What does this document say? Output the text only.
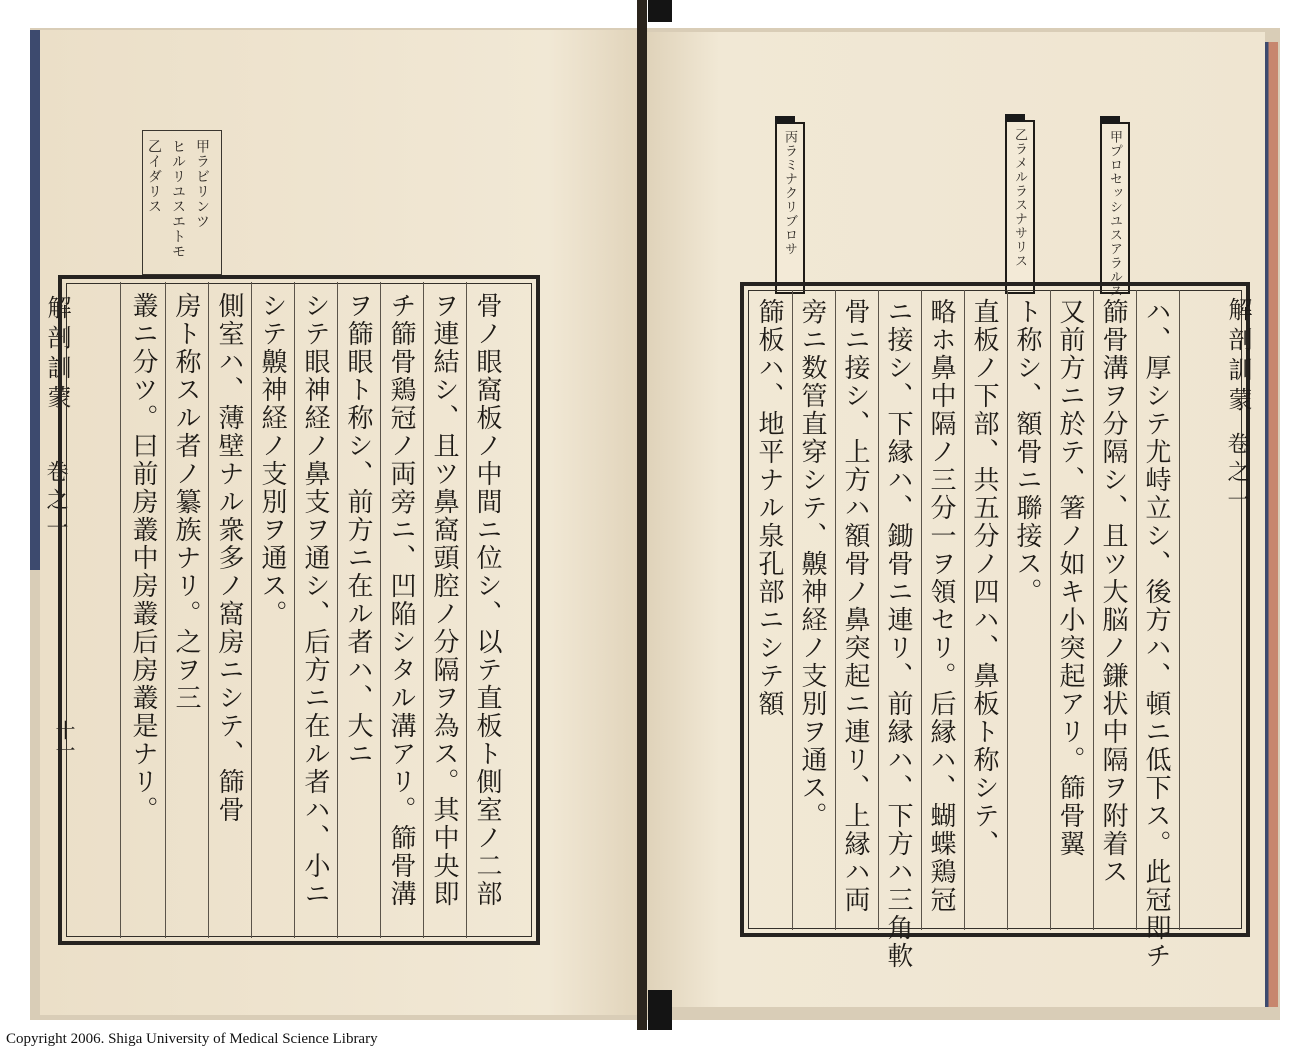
甲ラビリンツ
ヒルリユスエトモ
乙イダリス
解剖訓蒙
卷之一
十一	骨ノ眼窩板ノ中間ニ位シ、以テ直板ト側室ノ二部
ヲ連結シ、且ツ鼻窩頭腔ノ分隔ヲ為ス。其中央即
チ篩骨鶏冠ノ両旁ニ、凹陥シタル溝アリ。篩骨溝
ヲ篩眼ト称シ、前方ニ在ル者ハ、大ニ
シテ眼神経ノ鼻支ヲ通シ、后方ニ在ル者ハ、小ニ
シテ齅神経ノ支別ヲ通ス。
側室ハ、薄壁ナル衆多ノ窩房ニシテ、篩骨
房ト称スル者ノ纂族ナリ。之ヲ三
叢ニ分ツ。曰前房叢中房叢后房叢是ナリ。
甲プロセッシユスアラルス
乙ラメルラスナサリス
丙ラミナクリブロサ
解剖訓蒙
卷之一
ハ、厚シテ尤峙立シ、後方ハ、頓ニ低下ス。此冠即チ
篩骨溝ヲ分隔シ、且ツ大脳ノ鎌状中隔ヲ附着ス
又前方ニ於テ、箸ノ如キ小突起アリ。篩骨翼
ト称シ、額骨ニ聯接ス。
直板ノ下部、共五分ノ四ハ、鼻板ト称シテ、
略ホ鼻中隔ノ三分一ヲ領セリ。后縁ハ、蝴蝶鶏冠
ニ接シ、下縁ハ、鋤骨ニ連リ、前縁ハ、下方ハ三角軟
骨ニ接シ、上方ハ額骨ノ鼻突起ニ連リ、上縁ハ両
旁ニ数管直穿シテ、齅神経ノ支別ヲ通ス。
篩板ハ、地平ナル泉孔部ニシテ額
Copyright 2006. Shiga University of Medical Science Library
